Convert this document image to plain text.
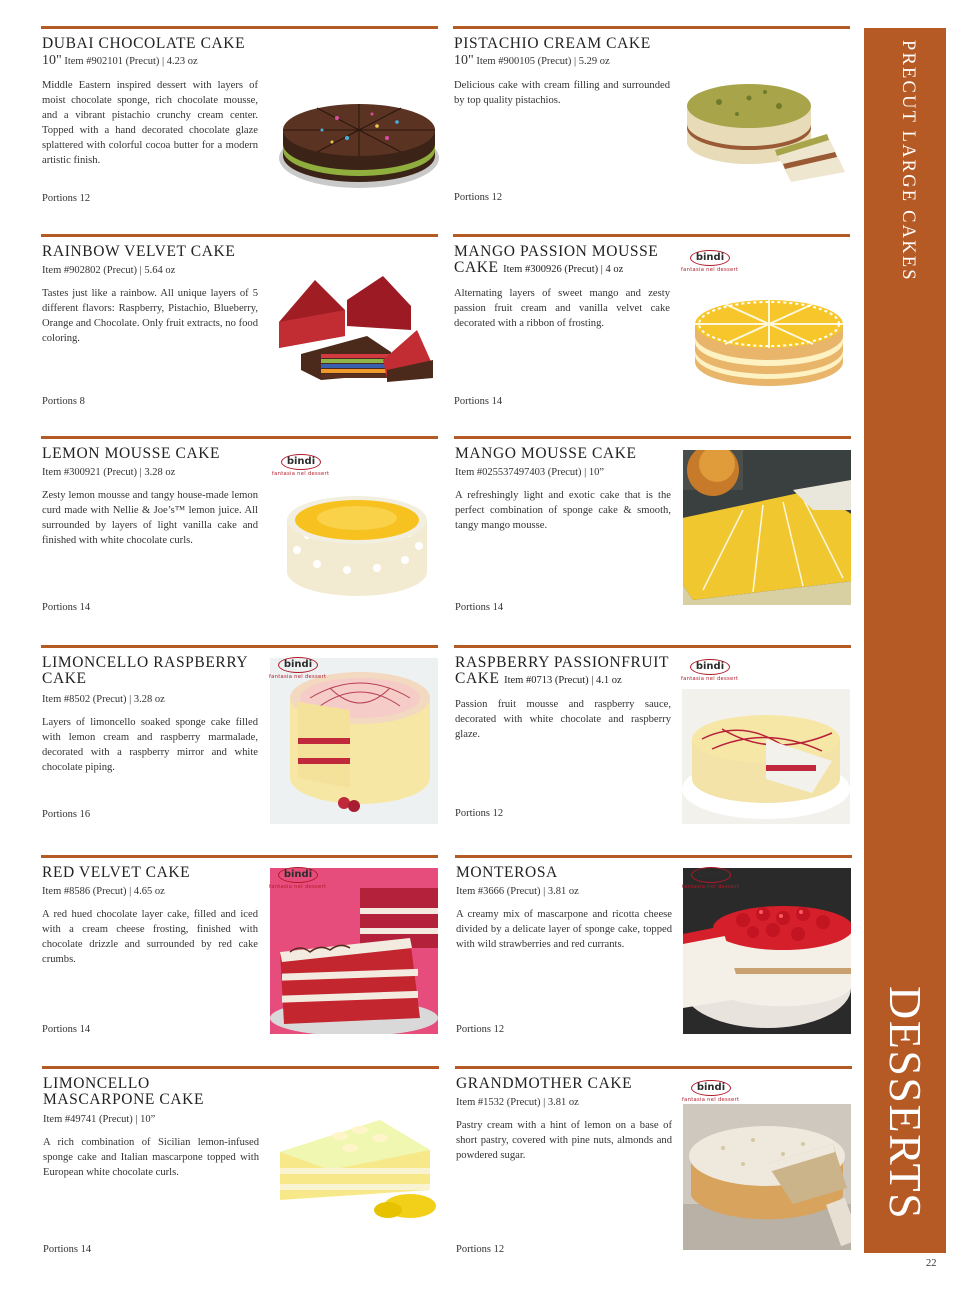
DUBAI CHOCOLATE CAKE
10" Item #902101 (Precut) | 4.23 oz
Middle Eastern inspired dessert with layers of moist chocolate sponge, rich chocolate mousse, and a vibrant pistachio crunchy cream center. Topped with a hand decorated chocolate glaze splattered with colorful cocoa butter for a modern artistic finish.
Portions 12
PISTACHIO CREAM CAKE
10" Item #900105 (Precut) | 5.29 oz
Delicious cake with cream filling and surrounded by top quality pistachios.
Portions 12
RAINBOW VELVET CAKE
Item #902802 (Precut) | 5.64 oz
Tastes just like a rainbow. All unique layers of 5 different flavors: Raspberry, Pistachio, Blueberry, Orange and Chocolate. Only fruit extracts, no food coloring.
Portions 8
MANGO PASSION MOUSSE
CAKE Item #300926 (Precut) | 4 oz
Alternating layers of sweet mango and zesty passion fruit cream and vanilla velvet cake decorated with a ribbon of frosting.
Portions 14
bindi
fantasia nel dessert
LEMON MOUSSE CAKE
Item #300921 (Precut) | 3.28 oz
Zesty lemon mousse and tangy house-made lemon curd made with Nellie & Joe’s™ lemon juice. All surrounded by layers of light vanilla cake and finished with white chocolate curls.
Portions 14
bindi
fantasia nel dessert
MANGO MOUSSE CAKE
Item #025537497403 (Precut) | 10”
A refreshingly light and exotic cake that is the perfect combination of sponge cake & smooth, tangy mango mousse.
Portions 14
LIMONCELLO RASPBERRY
CAKE
Item #8502 (Precut) | 3.28 oz
Layers of limoncello soaked sponge cake filled with lemon cream and raspberry marmalade, decorated with a raspberry mirror and white chocolate piping.
Portions 16
bindi
fantasia nel dessert
RASPBERRY PASSIONFRUIT
CAKE Item #0713 (Precut) | 4.1 oz
Passion fruit mousse and raspberry sauce, decorated with white chocolate and raspberry glaze.
Portions 12
bindi
fantasia nel dessert
RED VELVET CAKE
Item #8586 (Precut) | 4.65 oz
A red hued chocolate layer cake, filled and iced with a cream cheese frosting, finished with chocolate drizzle and surrounded by red cake crumbs.
Portions 14
bindi
fantasia nel dessert
MONTEROSA
Item #3666 (Precut) | 3.81 oz
A creamy mix of mascarpone and ricotta cheese divided by a delicate layer of sponge cake, topped with wild strawberries and red currants.
Portions 12
bindi
fantasia nel dessert
LIMONCELLO
MASCARPONE CAKE
Item #49741 (Precut) | 10”
A rich combination of Sicilian lemon-infused sponge cake and Italian mascarpone topped with European white chocolate curls.
Portions 14
GRANDMOTHER CAKE
Item #1532 (Precut) | 3.81 oz
Pastry cream with a hint of lemon on a base of short pastry, covered with pine nuts, almonds and powdered sugar.
Portions 12
bindi
fantasia nel dessert
PRECUT LARGE CAKES
DESSERTS
22
